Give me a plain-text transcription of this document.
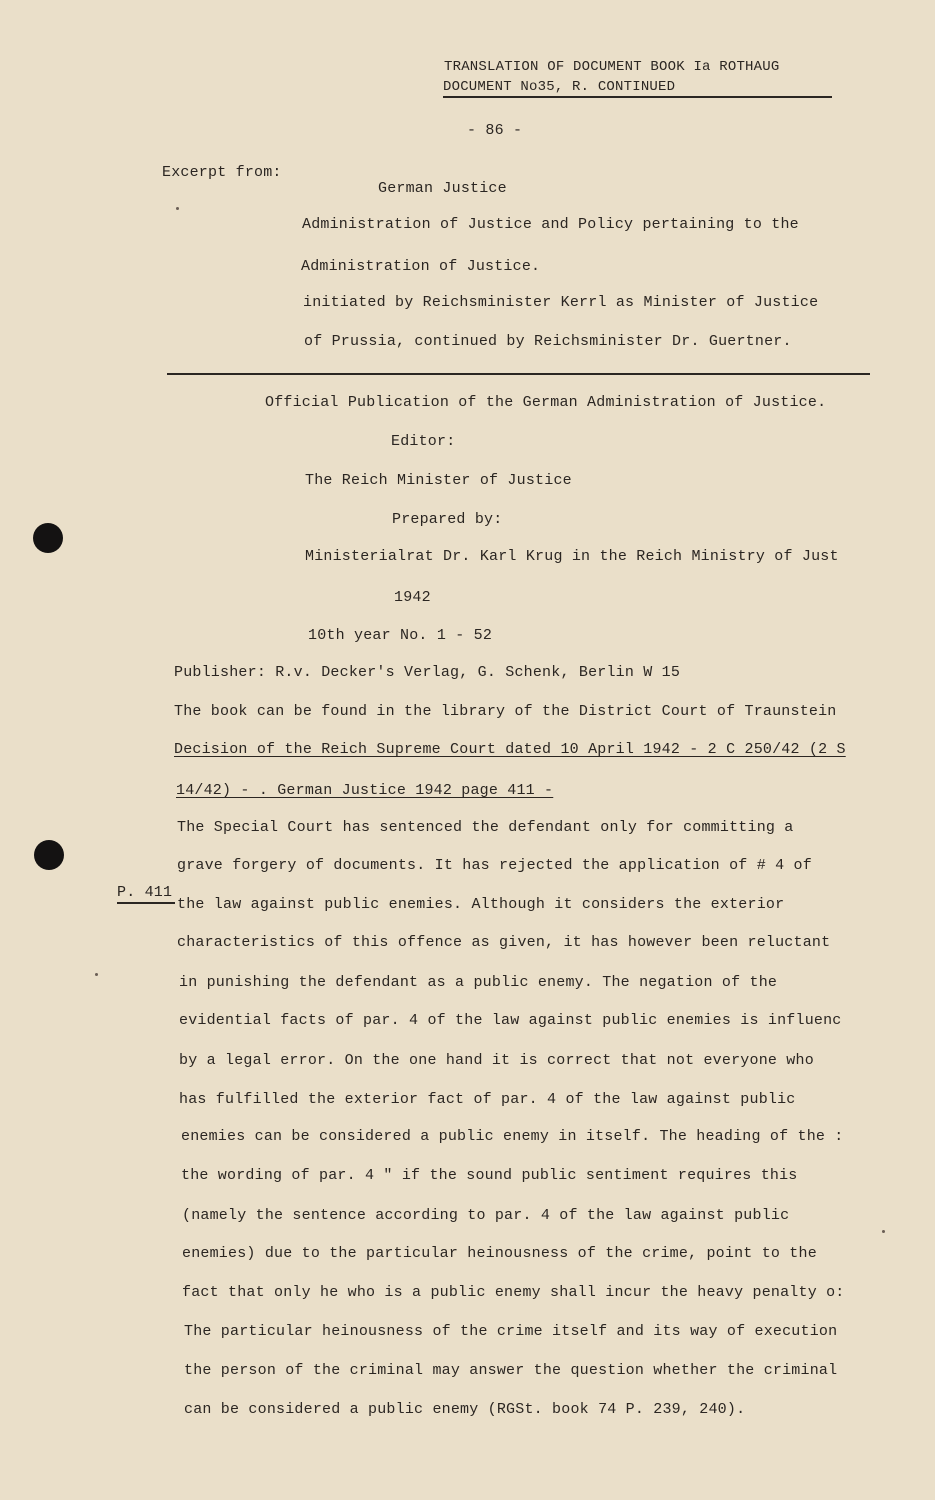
TRANSLATION OF DOCUMENT BOOK Ia ROTHAUG
DOCUMENT No35, R. CONTINUED
- 86 -
Excerpt from:
German Justice
Administration of Justice and Policy pertaining to the
Administration of Justice.
initiated by Reichsminister Kerrl as Minister of Justice
of Prussia, continued by Reichsminister Dr. Guertner.
Official Publication of the German Administration of Justice.
Editor:
The Reich Minister of Justice
Prepared by:
Ministerialrat Dr. Karl Krug in the Reich Ministry of Just
1942
10th year No. 1 - 52
Publisher: R.v. Decker's Verlag, G. Schenk, Berlin W 15
The book can be found in the library of the District Court of Traunstein
Decision of the Reich Supreme Court dated 10 April 1942 - 2 C 250/42 (2 S
14/42) - . German Justice 1942 page 411 -
P. 411
The Special Court has sentenced the defendant only for committing a
grave forgery of documents. It has rejected the application of # 4 of
the law against public enemies. Although it considers the exterior
characteristics of this offence as given, it has however been reluctant
in punishing the defendant as a public enemy. The negation of the
evidential facts of par. 4 of the law against public enemies is influenc
by a legal error. On the one hand it is correct that not everyone who
has fulfilled the exterior fact of par. 4 of the law against public
enemies can be considered a public enemy in itself. The heading of the :
the wording of par. 4 " if the sound public sentiment requires this
(namely the sentence according to par. 4 of the law against public
enemies) due to the particular heinousness of the crime, point to the
fact that only he who is a public enemy shall incur the heavy penalty o:
The particular heinousness of the crime itself and its way of execution
the person of the criminal may answer the question whether the criminal
can be considered a public enemy (RGSt. book 74 P. 239, 240).
